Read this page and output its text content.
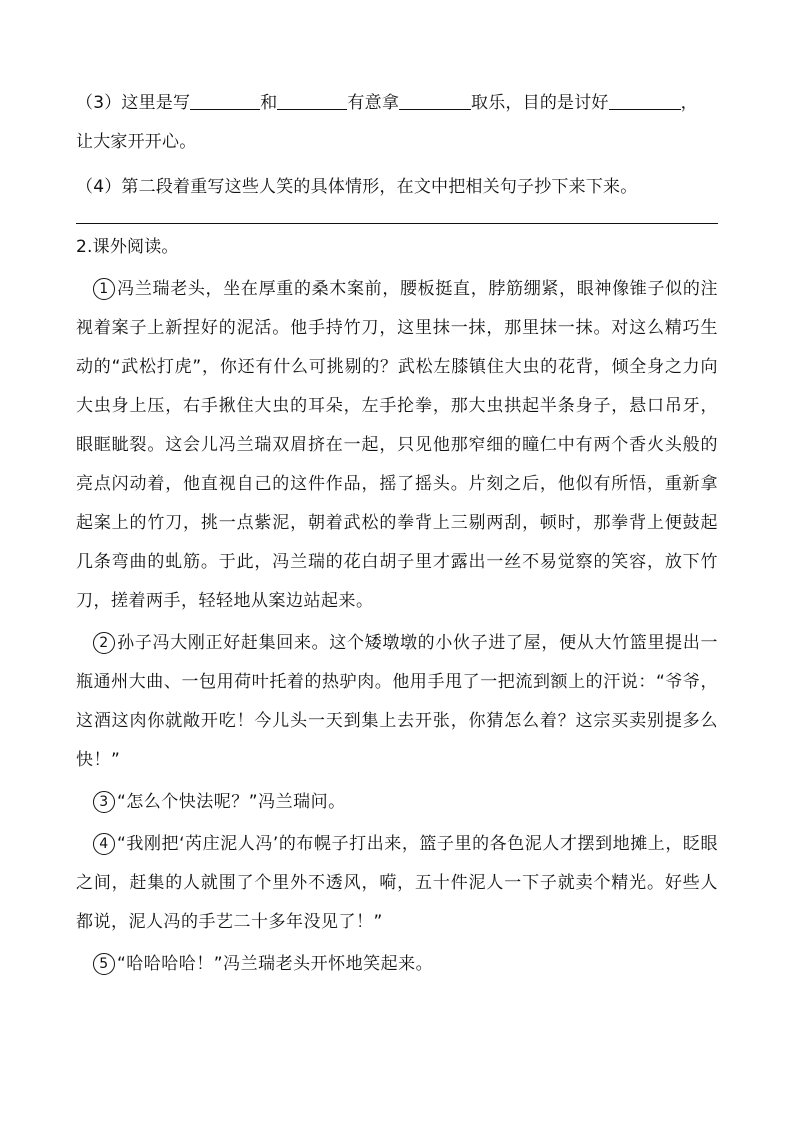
（3）这里是写	和	有意拿	取乐，目的是讨好	，
让大家开开心。
（4）第二段着重写这些人笑的具体情形，在文中把相关句子抄下来下来。
2.课外阅读。

1 冯兰瑞老头，坐在厚重的桑木案前，腰板挺直，脖筋绷紧，眼神像锥子似的注视着案子上新捏好的泥活。他手持竹刀，这里抹一抹，那里抹一抹。对这么精巧生动的“武松打虎”，你还有什么可挑剔的？武松左膝镇住大虫的花背，倾全身之力向大虫身上压，右手揪住大虫的耳朵，左手抡拳，那大虫拱起半条身子，悬口吊牙，眼眶眦裂。这会儿冯兰瑞双眉挤在一起，只见他那窄细的瞳仁中有两个香火头般的亮点闪动着，他直视自己的这件作品，摇了摇头。片刻之后，他似有所悟，重新拿起案上的竹刀，挑一点紫泥，朝着武松的拳背上三剔两刮，顿时，那拳背上便鼓起几条弯曲的虬筋。于此，冯兰瑞的花白胡子里才露出一丝不易觉察的笑容，放下竹刀，搓着两手，轻轻地从案边站起来。

2 孙子冯大刚正好赶集回来。这个矮墩墩的小伙子进了屋，便从大竹篮里提出一瓶通州大曲、一包用荷叶托着的热驴肉。他用手甩了一把流到额上的汗说：“爷爷，这酒这肉你就敞开吃！今儿头一天到集上去开张，你猜怎么着？这宗买卖别提多么快！”

3 “怎么个快法呢？”冯兰瑞问。

4 “我刚把‘芮庄泥人冯’的布幌子打出来，篮子里的各色泥人才摆到地摊上，眨眼之间，赶集的人就围了个里外不透风，嗬，五十件泥人一下子就卖个精光。好些人都说，泥人冯的手艺二十多年没见了！”

5 “哈哈哈哈！”冯兰瑞老头开怀地笑起来。
